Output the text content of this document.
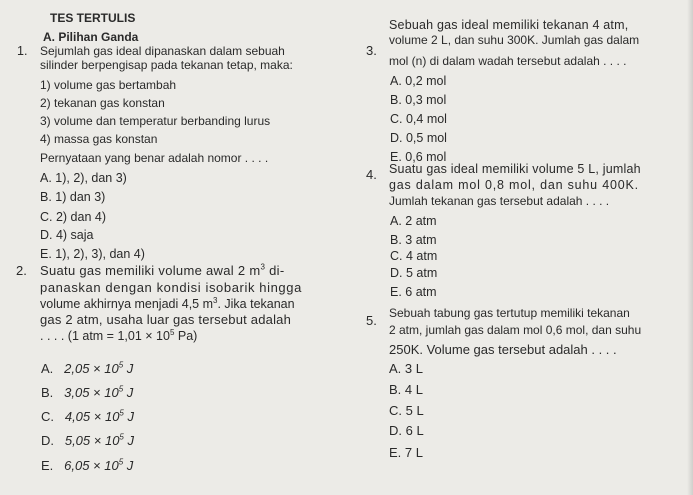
TES TERTULIS
A. Pilihan Ganda
1. Sejumlah gas ideal dipanaskan dalam sebuah
silinder berpengisap pada tekanan tetap, maka:
1) volume gas bertambah
2) tekanan gas konstan
3) volume dan temperatur berbanding lurus
4) massa gas konstan
Pernyataan yang benar adalah nomor . . . .
A. 1), 2), dan 3)
B. 1) dan 3)
C. 2) dan 4)
D. 4) saja
E. 1), 2), 3), dan 4)
2. Suatu gas memiliki volume awal 2 $m^3$ di-
panaskan dengan kondisi isobarik hingga
volume akhirnya menjadi 4,5 $m^3$. Jika tekanan
gas 2 atm, usaha luar gas tersebut adalah
. . . . (1 atm = $1,01 \times 10^5$ Pa)
A. $2,05 \times 10^5$ J
B. $3,05 \times 10^5$ J
C. $4,05 \times 10^5$ J
D. $5,05 \times 10^5$ J
E. $6,05 \times 10^5$ J
3.
Sebuah gas ideal memiliki tekanan 4 atm,
volume 2 L, dan suhu 300K. Jumlah gas dalam
mol (n) di dalam wadah tersebut adalah . . . .
A. 0,2 mol
B. 0,3 mol
C. 0,4 mol
D. 0,5 mol
E. 0,6 mol
4. Suatu gas ideal memiliki volume 5 L, jumlah
gas dalam mol 0,8 mol, dan suhu 400K.
Jumlah tekanan gas tersebut adalah . . . .
A. 2 atm
B. 3 atm
C. 4 atm
D. 5 atm
E. 6 atm
5. Sebuah tabung gas tertutup memiliki tekanan
2 atm, jumlah gas dalam mol 0,6 mol, dan suhu
250K. Volume gas tersebut adalah . . . .
A. 3 L
B. 4 L
C. 5 L
D. 6 L
E. 7 L
